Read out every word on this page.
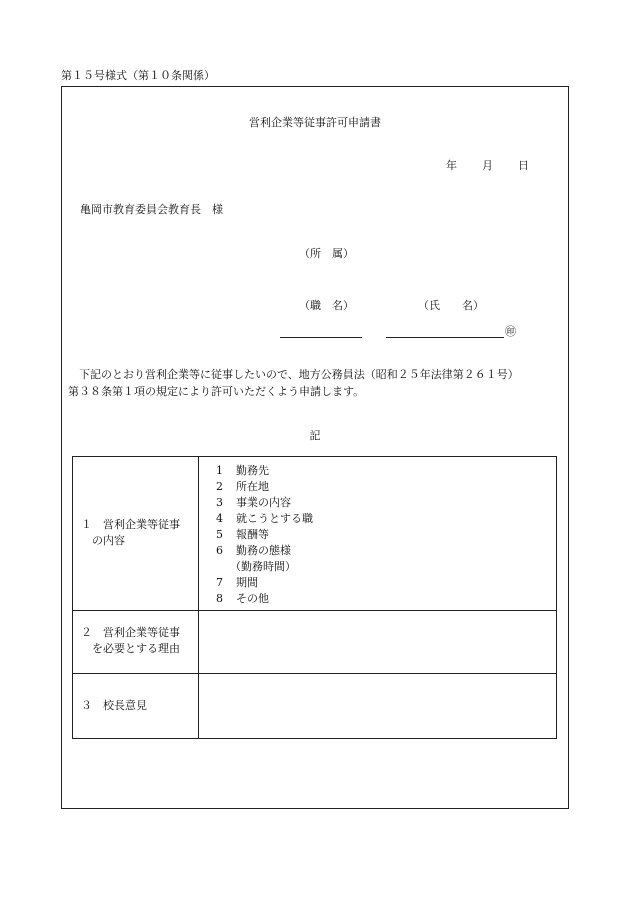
第１５号様式（第１０条関係）
営利企業等従事許可申請書
年 月 日
亀岡市教育委員会教育長　様
（所　属）
（職　名）	（氏　　名）
㊞
下記のとおり営利企業等に従事したいので、地方公務員法（昭和２５年法律第２６１号）
第３８条第１項の規定により許可いただくよう申請します。
記
１　営利企業等従事
の内容
1 勤務先
2 所在地
3 事業の内容
4 就こうとする職
5 報酬等
6 勤務の態様
（勤務時間）
7 期間
8 その他
２　営利企業等従事
を必要とする理由
３　校長意見
